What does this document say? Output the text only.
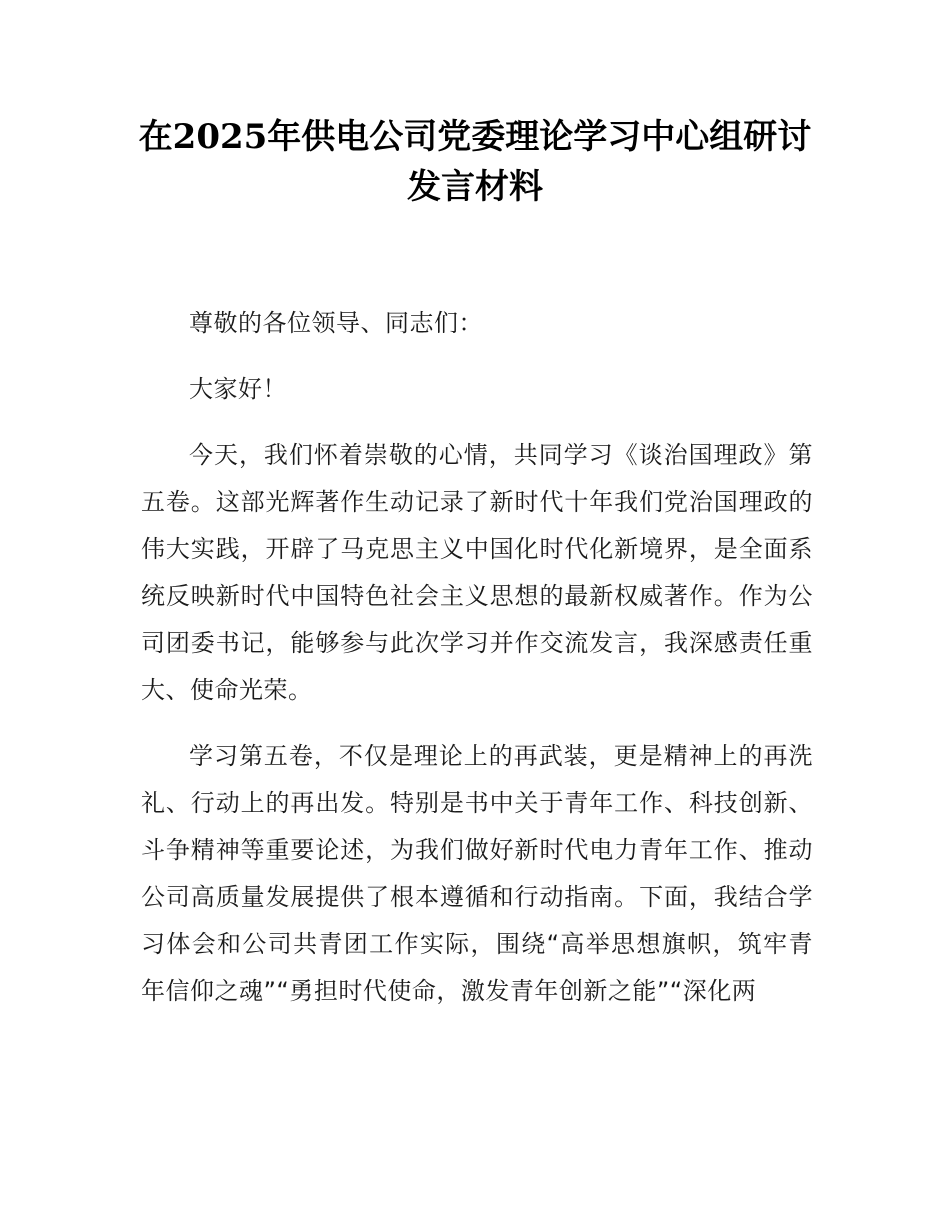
在2025年供电公司党委理论学习中心组研讨
发言材料

尊敬的各位领导、同志们：

大家好！

今天，我们怀着崇敬的心情，共同学习《谈治国理政》第五卷。这部光辉著作生动记录了新时代十年我们党治国理政的伟大实践，开辟了马克思主义中国化时代化新境界，是全面系统反映新时代中国特色社会主义思想的最新权威著作。作为公司团委书记，能够参与此次学习并作交流发言，我深感责任重大、使命光荣。

学习第五卷，不仅是理论上的再武装，更是精神上的再洗礼、行动上的再出发。特别是书中关于青年工作、科技创新、斗争精神等重要论述，为我们做好新时代电力青年工作、推动公司高质量发展提供了根本遵循和行动指南。下面，我结合学习体会和公司共青团工作实际，围绕“高举思想旗帜，筑牢青年信仰之魂”“勇担时代使命，激发青年创新之能”“深化两
